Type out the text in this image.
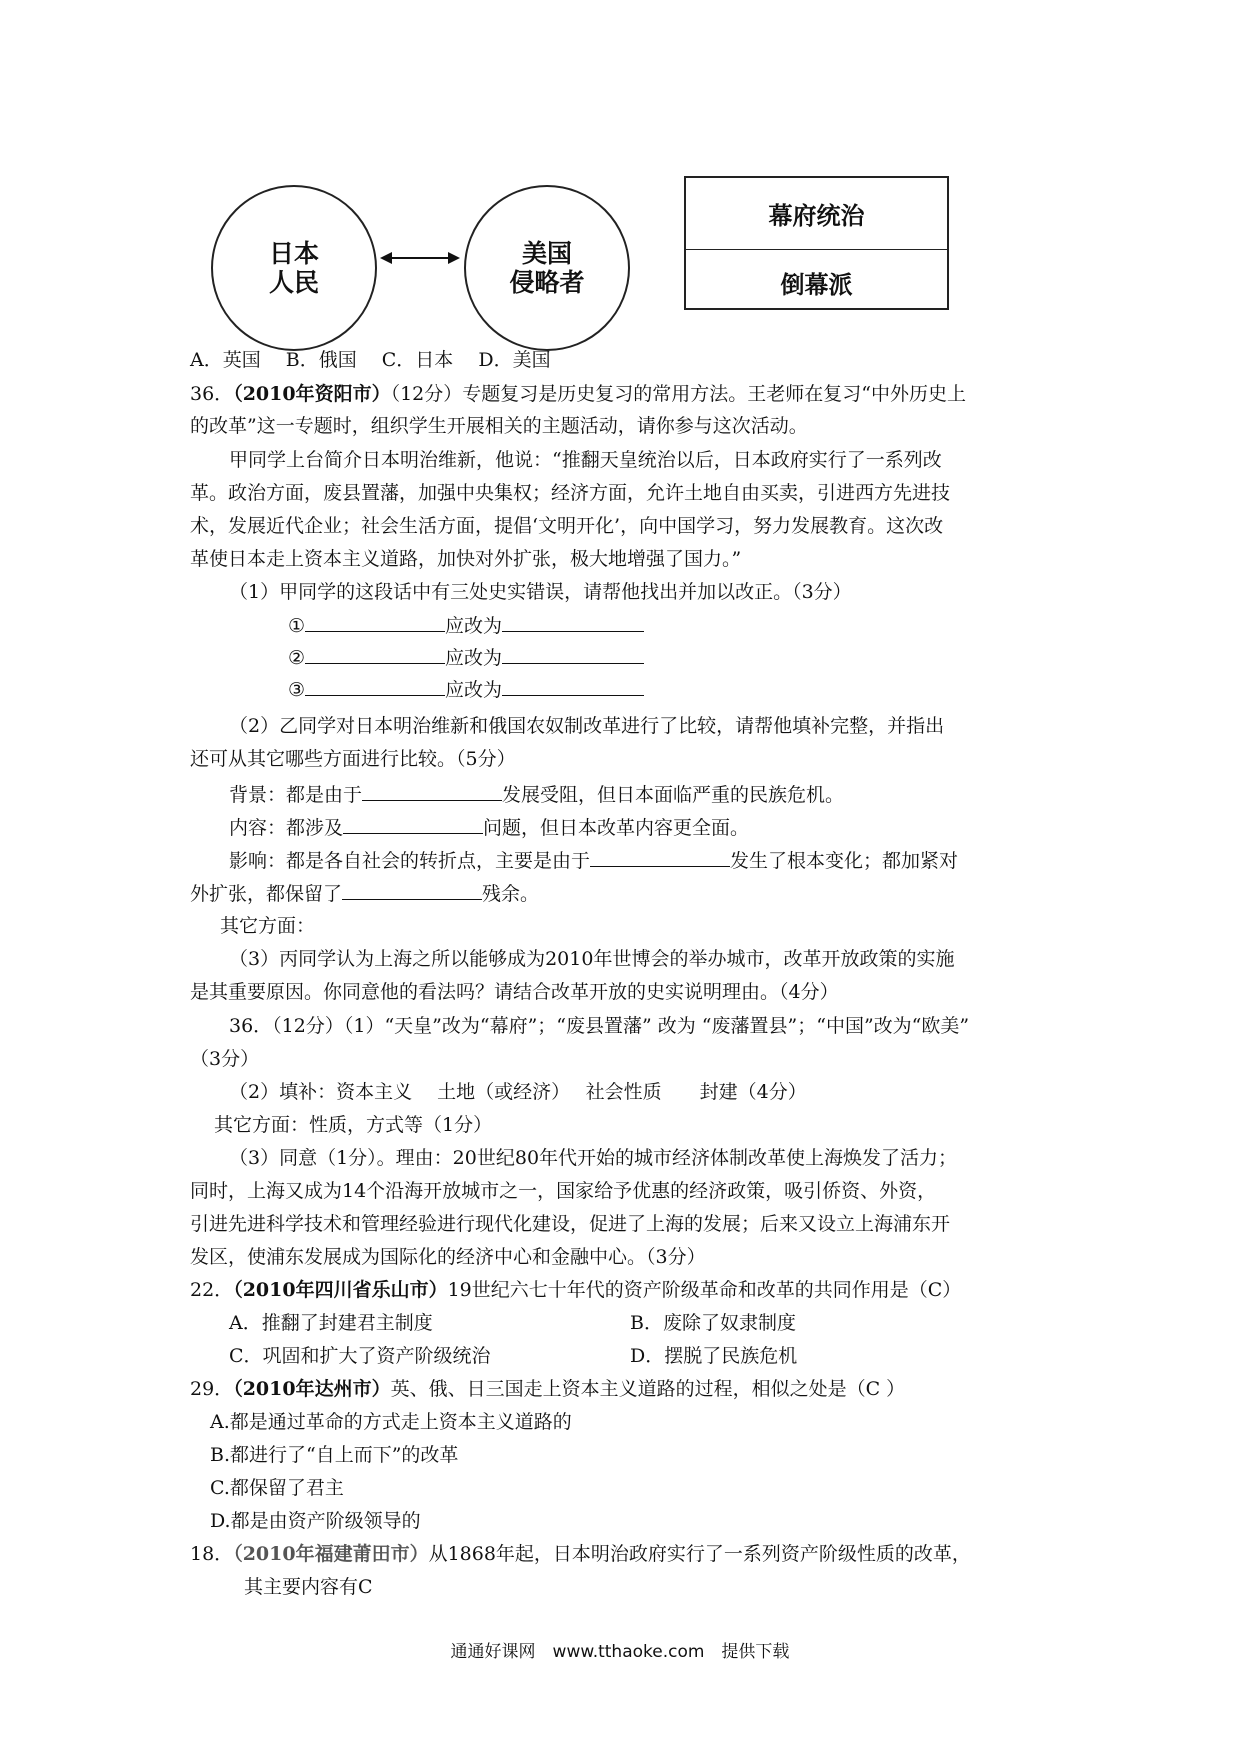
日本
人民
美国
侵略者
幕府统治
倒幕派
A．英国　 B．俄国　 C．日本　 D．美国
36．（2010年资阳市）（12分）专题复习是历史复习的常用方法。王老师在复习“中外历史上
的改革”这一专题时，组织学生开展相关的主题活动，请你参与这次活动。
甲同学上台简介日本明治维新，他说：“推翻天皇统治以后，日本政府实行了一系列改
革。政治方面，废县置藩，加强中央集权；经济方面，允许土地自由买卖，引进西方先进技
术，发展近代企业；社会生活方面，提倡‘文明开化’，向中国学习，努力发展教育。这次改
革使日本走上资本主义道路，加快对外扩张，极大地增强了国力。”
（1）甲同学的这段话中有三处史实错误，请帮他找出并加以改正。（3分）
①	应改为
②	应改为
③	应改为
（2）乙同学对日本明治维新和俄国农奴制改革进行了比较，请帮他填补完整，并指出
还可从其它哪些方面进行比较。（5分）
背景：都是由于	发展受阻，但日本面临严重的民族危机。
内容：都涉及	问题，但日本改革内容更全面。
影响：都是各自社会的转折点，主要是由于	发生了根本变化；都加紧对
外扩张，都保留了	残余。
其它方面：
（3）丙同学认为上海之所以能够成为2010年世博会的举办城市，改革开放政策的实施
是其重要原因。你同意他的看法吗？请结合改革开放的史实说明理由。（4分）
36．（12分）（1）“天皇”改为“幕府”；“废县置藩” 改为 “废藩置县”；“中国”改为“欧美”
（3分）
（2）填补：资本主义　 土地（或经济）　 社会性质　　封建（4分）
其它方面：性质，方式等（1分）
（3）同意（1分）。理由：20世纪80年代开始的城市经济体制改革使上海焕发了活力；
同时，上海又成为14个沿海开放城市之一，国家给予优惠的经济政策，吸引侨资、外资，
引进先进科学技术和管理经验进行现代化建设，促进了上海的发展；后来又设立上海浦东开
发区，使浦东发展成为国际化的经济中心和金融中心。（3分）
22．（2010年四川省乐山市）19世纪六七十年代的资产阶级革命和改革的共同作用是（C）
A．推翻了封建君主制度	B．废除了奴隶制度
C．巩固和扩大了资产阶级统治	D．摆脱了民族危机
29．（2010年达州市）英、俄、日三国走上资本主义道路的过程，相似之处是（C ）
A.都是通过革命的方式走上资本主义道路的
B.都进行了“自上而下”的改革
C.都保留了君主
D.都是由资产阶级领导的
18．（2010年福建莆田市）从1868年起，日本明治政府实行了一系列资产阶级性质的改革，
其主要内容有C
通通好课网　www.tthaoke.com　提供下载
